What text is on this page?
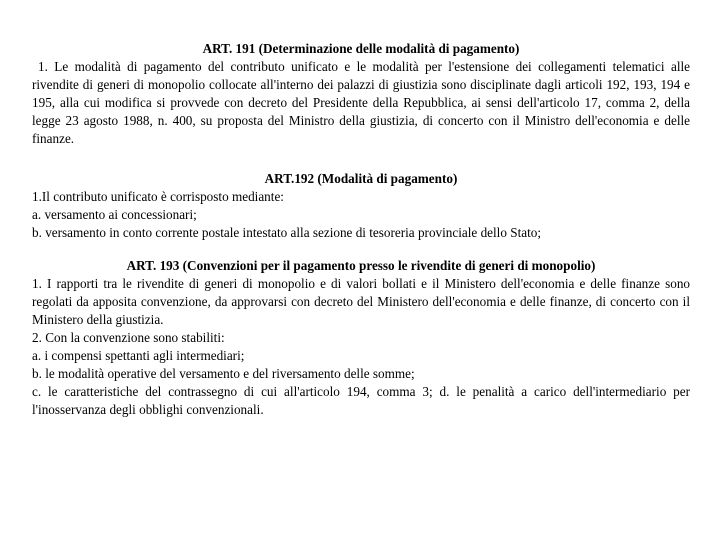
ART. 191 (Determinazione delle modalità di pagamento)

1. Le modalità di pagamento del contributo unificato e le modalità per l'estensione dei collegamenti telematici alle rivendite di generi di monopolio collocate all'interno dei palazzi di giustizia sono disciplinate dagli articoli 192, 193, 194 e 195, alla cui modifica si provvede con decreto del Presidente della Repubblica, ai sensi dell'articolo 17, comma 2, della legge 23 agosto 1988, n. 400, su proposta del Ministro della giustizia, di concerto con il Ministro dell'economia e delle finanze.

ART.192 (Modalità di pagamento)

1.Il contributo unificato è corrisposto mediante:

a. versamento ai concessionari;

b. versamento in conto corrente postale intestato alla sezione di tesoreria provinciale dello Stato;

ART. 193 (Convenzioni per il pagamento presso le rivendite di generi di monopolio)

1. I rapporti tra le rivendite di generi di monopolio e di valori bollati e il Ministero dell'economia e delle finanze sono regolati da apposita convenzione, da approvarsi con decreto del Ministero dell'economia e delle finanze, di concerto con il Ministero della giustizia.

2. Con la convenzione sono stabiliti:

a. i compensi spettanti agli intermediari;

b. le modalità operative del versamento e del riversamento delle somme;

c. le caratteristiche del contrassegno di cui all'articolo 194, comma 3; d. le penalità a carico dell'intermediario per l'inosservanza degli obblighi convenzionali.
